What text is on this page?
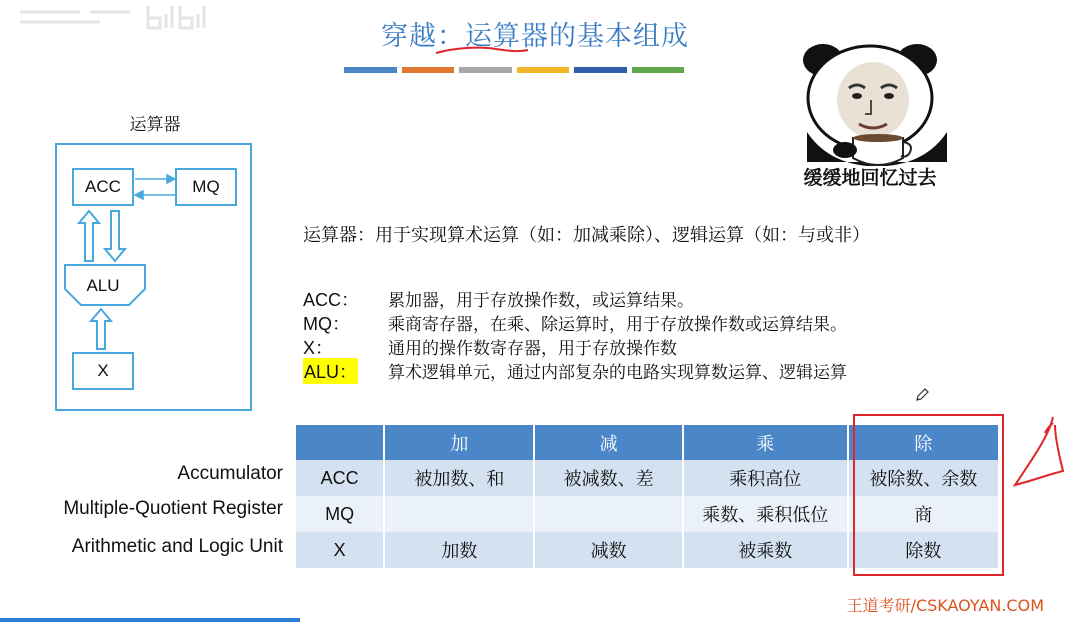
穿越：运算器的基本组成
缓缓地回忆过去
运算器
ACC	MQ
ALU
X
运算器：用于实现算术运算（如：加减乘除）、逻辑运算（如：与或非）
ACC： 累加器，用于存放操作数，或运算结果。
MQ： 乘商寄存器，在乘、除运算时，用于存放操作数或运算结果。
X：	通用的操作数寄存器，用于存放操作数
ALU： 算术逻辑单元，通过内部复杂的电路实现算数运算、逻辑运算
Accumulator
Multiple-Quotient Register
Arithmetic and Logic Unit
	加	减	乘	除
ACC	被加数、和	被减数、差	乘积高位	被除数、余数
MQ			乘数、乘积低位	商
X	加数	减数	被乘数	除数
王道考研/CSKAOYAN.COM
